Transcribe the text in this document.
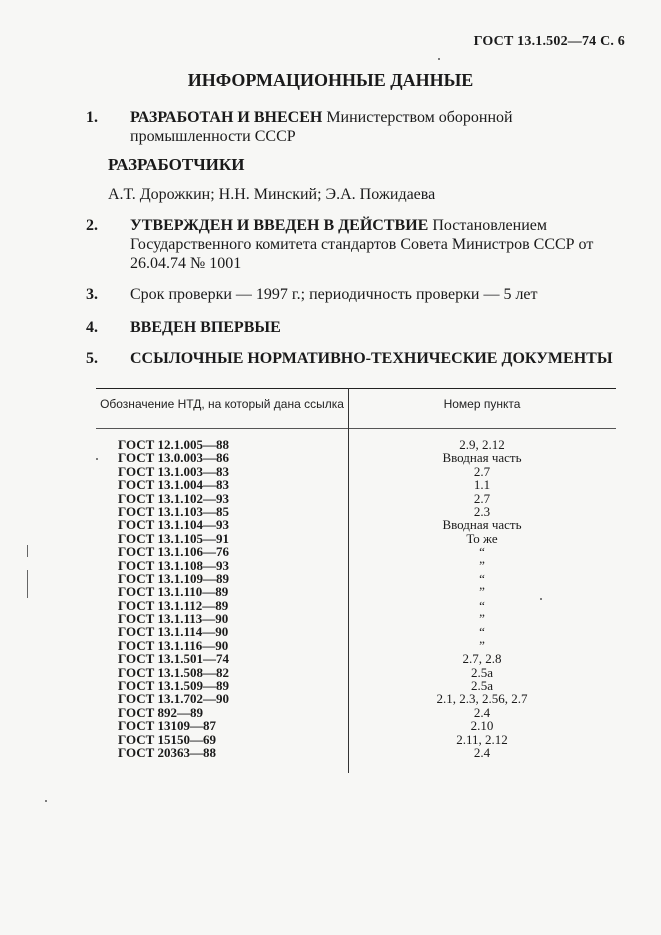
ГОСТ 13.1.502—74 С. 6
ИНФОРМАЦИОННЫЕ ДАННЫЕ
1. РАЗРАБОТАН И ВНЕСЕН Министерством оборонной промышленности СССР
РАЗРАБОТЧИКИ
А.Т. Дорожкин; Н.Н. Минский; Э.А. Пожидаева
2. УТВЕРЖДЕН И ВВЕДЕН В ДЕЙСТВИЕ Постановлением Государственного комитета стандартов Совета Министров СССР от 26.04.74 № 1001
3. Срок проверки — 1997 г.; периодичность проверки — 5 лет
4. ВВЕДЕН ВПЕРВЫЕ
5. ССЫЛОЧНЫЕ НОРМАТИВНО-ТЕХНИЧЕСКИЕ ДОКУМЕНТЫ
Обозначение НТД, на который дана ссылка	Номер пункта
ГОСТ 12.1.005—88	2.9, 2.12
ГОСТ 13.0.003—86	Вводная часть
ГОСТ 13.1.003—83	2.7
ГОСТ 13.1.004—83	1.1
ГОСТ 13.1.102—93	2.7
ГОСТ 13.1.103—85	2.3
ГОСТ 13.1.104—93	Вводная часть
ГОСТ 13.1.105—91	То же
ГОСТ 13.1.106—76	“
ГОСТ 13.1.108—93	”
ГОСТ 13.1.109—89	“
ГОСТ 13.1.110—89	”
ГОСТ 13.1.112—89	“
ГОСТ 13.1.113—90	”
ГОСТ 13.1.114—90	“
ГОСТ 13.1.116—90	”
ГОСТ 13.1.501—74	2.7, 2.8
ГОСТ 13.1.508—82	2.5а
ГОСТ 13.1.509—89	2.5а
ГОСТ 13.1.702—90	2.1, 2.3, 2.56, 2.7
ГОСТ 892—89	2.4
ГОСТ 13109—87	2.10
ГОСТ 15150—69	2.11, 2.12
ГОСТ 20363—88	2.4
